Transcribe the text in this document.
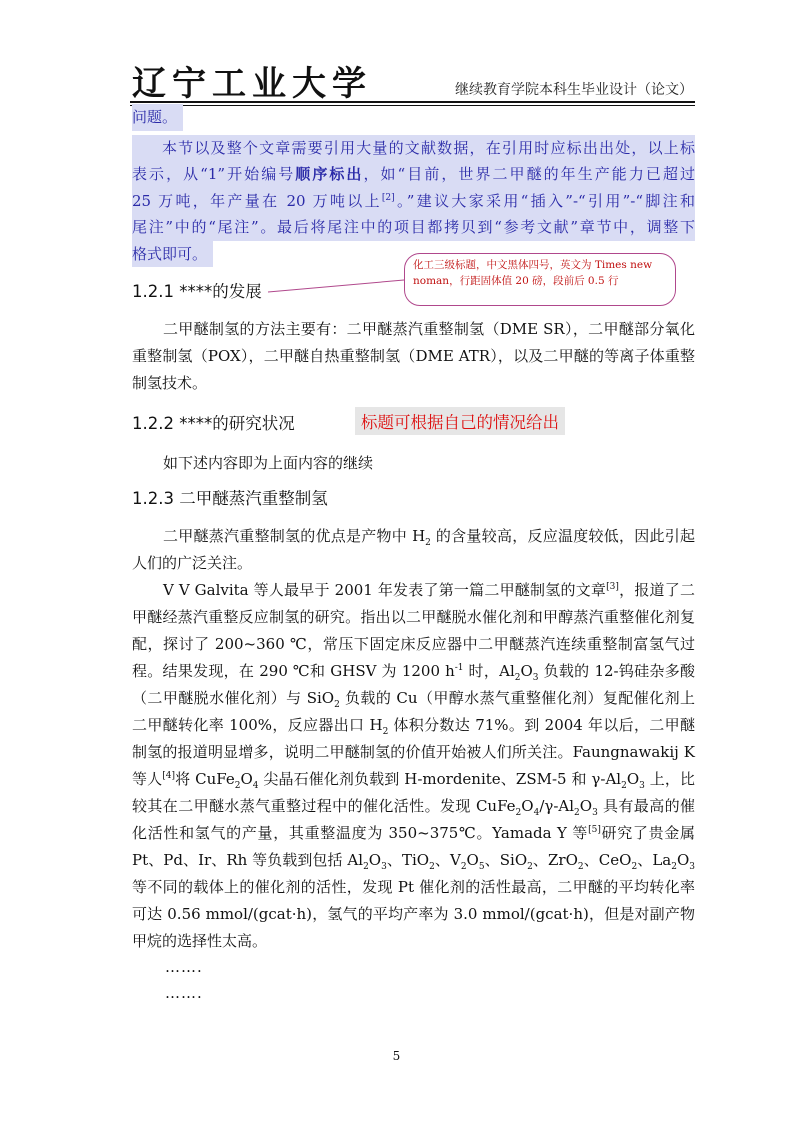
辽宁工业大学	继续教育学院本科生毕业设计（论文）
问题。
本节以及整个文章需要引用大量的文献数据，在引用时应标出出处，以上标
表示，从“1”开始编号顺序标出，如“目前，世界二甲醚的年生产能力已超过
25 万吨，年产量在 20 万吨以上[2]。”建议大家采用“插入”-“引用”-“脚注和
尾注”中的“尾注”。最后将尾注中的项目都拷贝到“参考文献”章节中，调整下
格式即可。
化工三级标题，中文黑体四号，英文为 Times new
noman，行距固体值 20 磅，段前后 0.5 行
1.2.1 ****的发展

二甲醚制氢的方法主要有：二甲醚蒸汽重整制氢（DME SR），二甲醚部分氧化重整制氢（POX），二甲醚自热重整制氢（DME ATR），以及二甲醚的等离子体重整制氢技术。

1.2.2 ****的研究状况	标题可根据自己的情况给出

如下述内容即为上面内容的继续

1.2.3 二甲醚蒸汽重整制氢

二甲醚蒸汽重整制氢的优点是产物中 $H_2$ 的含量较高，反应温度较低，因此引起人们的广泛关注。

V V Galvita 等人最早于 2001 年发表了第一篇二甲醚制氢的文章[3]，报道了二甲醚经蒸汽重整反应制氢的研究。指出以二甲醚脱水催化剂和甲醇蒸汽重整催化剂复配，探讨了 200~360 ℃，常压下固定床反应器中二甲醚蒸汽连续重整制富氢气过程。结果发现，在 290 ℃和 GHSV 为 1200 $h^{-1}$ 时，$Al_2O_3$ 负载的 12-钨硅杂多酸（二甲醚脱水催化剂）与 SiO$_2$ 负载的 Cu（甲醇水蒸气重整催化剂）复配催化剂上二甲醚转化率 100%，反应器出口 $H_2$ 体积分数达 71%。到 2004 年以后，二甲醚制氢的报道明显增多，说明二甲醚制氢的价值开始被人们所关注。Faungnawakij K 等人[4]将 $CuFe_2O_4$ 尖晶石催化剂负载到 H-mordenite、ZSM-5 和 $\gamma-Al_2O_3$ 上，比较其在二甲醚水蒸气重整过程中的催化活性。发现 $CuFe_2O_4/\gamma-Al_2O_3$ 具有最高的催化活性和氢气的产量，其重整温度为 350~375℃。Yamada Y 等[5]研究了贵金属 Pt、Pd、Ir、Rh 等负载到包括 $Al_2O_3$、TiO$_2$、$V_2O_5$、SiO$_2$、ZrO$_2$、CeO$_2$、$La_2O_3$ 等不同的载体上的催化剂的活性，发现 Pt 催化剂的活性最高，二甲醚的平均转化率可达 0.56 mmol/(gcat·h)，氢气的平均产率为 3.0 mmol/(gcat·h)，但是对副产物甲烷的选择性太高。

…….
…….
5
